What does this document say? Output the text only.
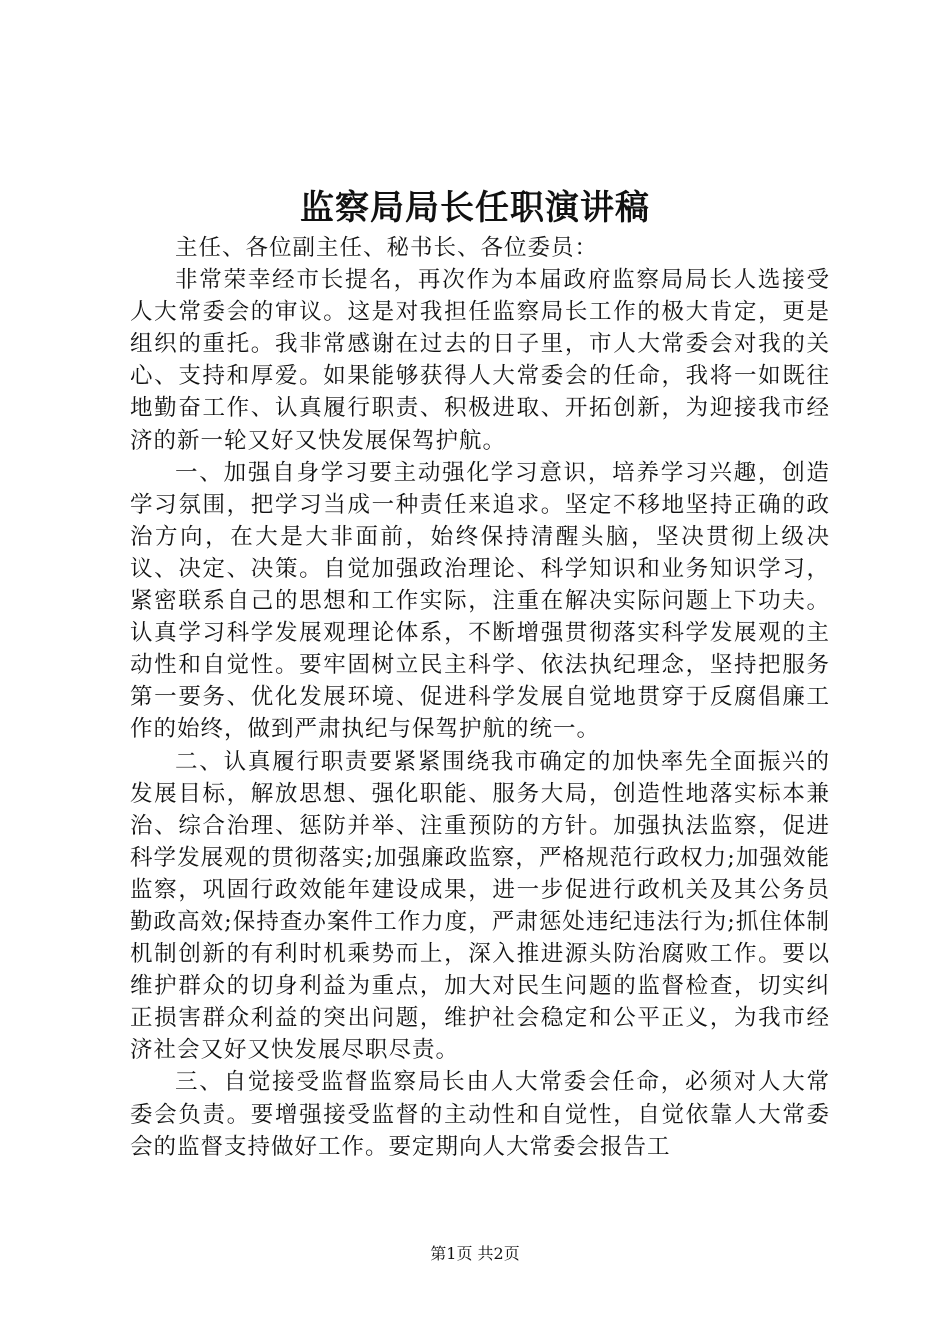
监察局局长任职演讲稿

主任、各位副主任、秘书长、各位委员：

非常荣幸经市长提名，再次作为本届政府监察局局长人选接受人大常委会的审议。这是对我担任监察局长工作的极大肯定，更是组织的重托。我非常感谢在过去的日子里，市人大常委会对我的关心、支持和厚爱。如果能够获得人大常委会的任命，我将一如既往地勤奋工作、认真履行职责、积极进取、开拓创新，为迎接我市经济的新一轮又好又快发展保驾护航。

一、加强自身学习要主动强化学习意识，培养学习兴趣，创造学习氛围，把学习当成一种责任来追求。坚定不移地坚持正确的政治方向，在大是大非面前，始终保持清醒头脑，坚决贯彻上级决议、决定、决策。自觉加强政治理论、科学知识和业务知识学习，紧密联系自己的思想和工作实际，注重在解决实际问题上下功夫。认真学习科学发展观理论体系，不断增强贯彻落实科学发展观的主动性和自觉性。要牢固树立民主科学、依法执纪理念，坚持把服务第一要务、优化发展环境、促进科学发展自觉地贯穿于反腐倡廉工作的始终，做到严肃执纪与保驾护航的统一。

二、认真履行职责要紧紧围绕我市确定的加快率先全面振兴的发展目标，解放思想、强化职能、服务大局，创造性地落实标本兼治、综合治理、惩防并举、注重预防的方针。加强执法监察，促进科学发展观的贯彻落实;加强廉政监察，严格规范行政权力;加强效能监察，巩固行政效能年建设成果，进一步促进行政机关及其公务员勤政高效;保持查办案件工作力度，严肃惩处违纪违法行为;抓住体制机制创新的有利时机乘势而上，深入推进源头防治腐败工作。要以维护群众的切身利益为重点，加大对民生问题的监督检查，切实纠正损害群众利益的突出问题，维护社会稳定和公平正义，为我市经济社会又好又快发展尽职尽责。

三、自觉接受监督监察局长由人大常委会任命，必须对人大常委会负责。要增强接受监督的主动性和自觉性，自觉依靠人大常委会的监督支持做好工作。要定期向人大常委会报告工

第1页 共2页
